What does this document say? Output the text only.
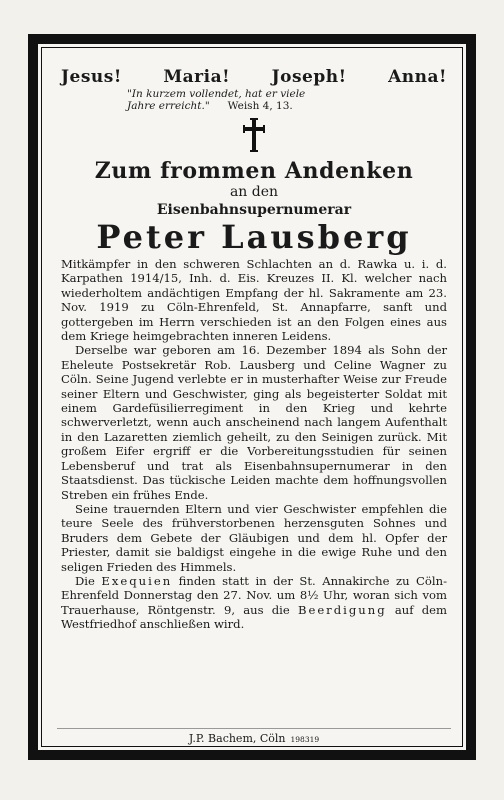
Jesus! Maria! Joseph! Anna!
"In kurzem vollendet, hat er viele
Jahre erreicht." Weish 4, 13.
Zum frommen Andenken
an den
Eisenbahnsupernumerar
Peter Lausberg

Mitkämpfer in den schweren Schlachten an d. Rawka u. i. d. Karpathen 1914/15, Inh. d. Eis. Kreuzes II. Kl. welcher nach wiederholtem andächtigen Empfang der hl. Sakramente am 23. Nov. 1919 zu Cöln-Ehrenfeld, St. Annapfarre, sanft und gottergeben im Herrn verschieden ist an den Folgen eines aus dem Kriege heimgebrachten inneren Leidens.

Derselbe war geboren am 16. Dezember 1894 als Sohn der Eheleute Postsekretär Rob. Lausberg und Celine Wagner zu Cöln. Seine Jugend verlebte er in musterhafter Weise zur Freude seiner Eltern und Geschwister, ging als begeisterter Soldat mit einem Gardefüsilierregiment in den Krieg und kehrte schwerverletzt, wenn auch anscheinend nach langem Aufenthalt in den Lazaretten ziemlich geheilt, zu den Seinigen zurück. Mit großem Eifer ergriff er die Vorbereitungsstudien für seinen Lebensberuf und trat als Eisenbahnsupernumerar in den Staatsdienst. Das tückische Leiden machte dem hoffnungsvollen Streben ein frühes Ende.

Seine trauernden Eltern und vier Geschwister empfehlen die teure Seele des frühverstorbenen herzensguten Sohnes und Bruders dem Gebete der Gläubigen und dem hl. Opfer der Priester, damit sie baldigst eingehe in die ewige Ruhe und den seligen Frieden des Himmels.

Die Exequien finden statt in der St. Annakirche zu Cöln-Ehrenfeld Donnerstag den 27. Nov. um 8½ Uhr, woran sich vom Trauerhause, Röntgenstr. 9, aus die Beerdigung auf dem Westfriedhof anschließen wird.

J.P. Bachem, Cöln 198319
